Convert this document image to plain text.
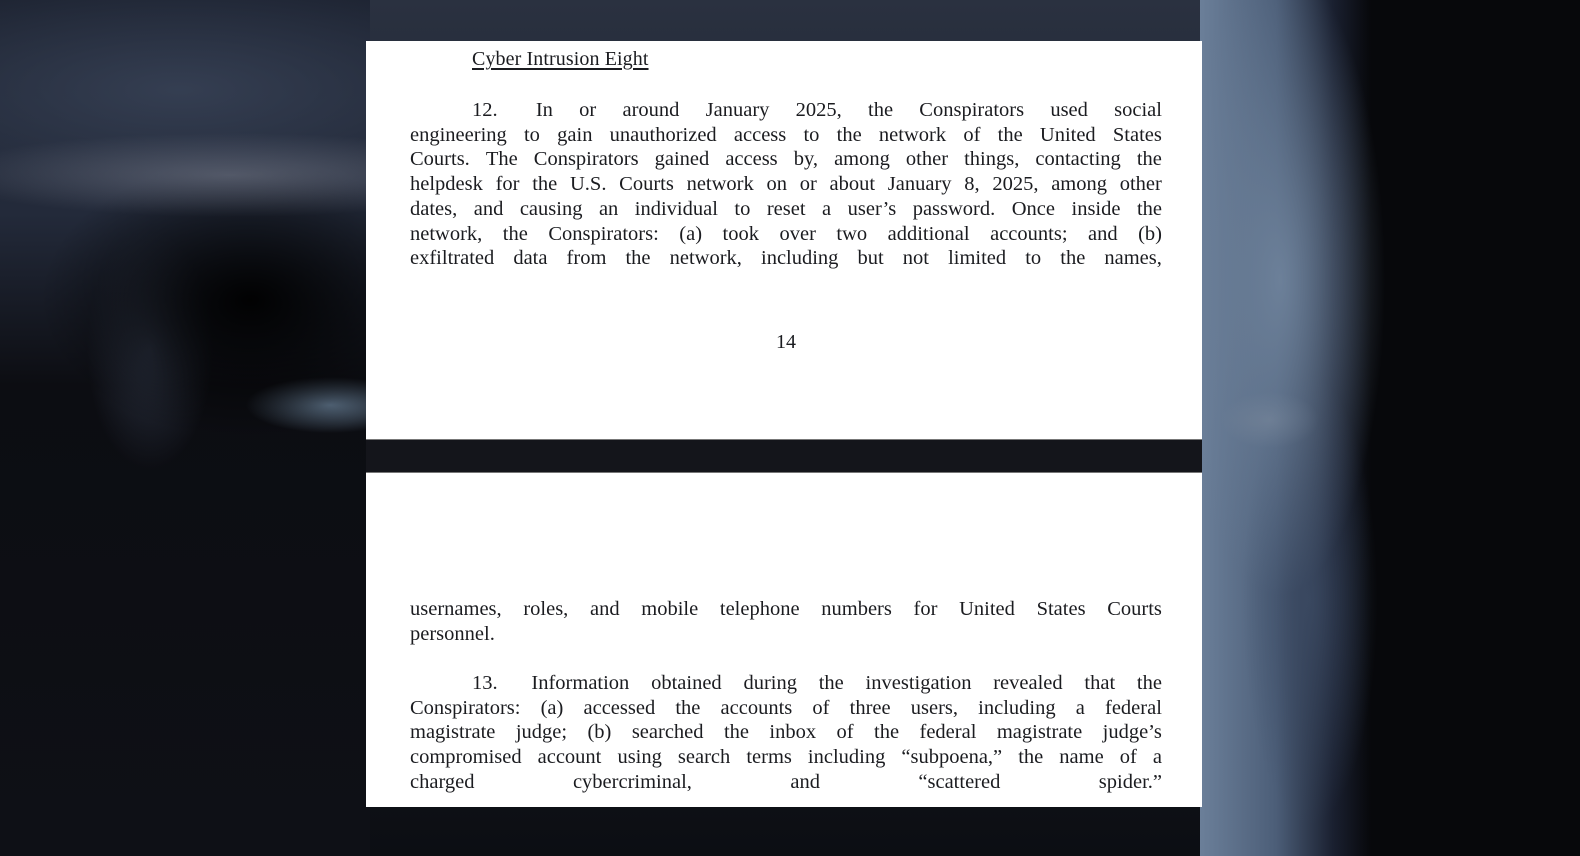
Cyber Intrusion Eight
12. In or around January 2025, the Conspirators used social
engineering to gain unauthorized access to the network of the United States
Courts. The Conspirators gained access by, among other things, contacting the
helpdesk for the U.S. Courts network on or about January 8, 2025, among other
dates, and causing an individual to reset a user’s password. Once inside the
network, the Conspirators: (a) took over two additional accounts; and (b)
exfiltrated data from the network, including but not limited to the names,
14
usernames, roles, and mobile telephone numbers for United States Courts
personnel.
13. Information obtained during the investigation revealed that the
Conspirators: (a) accessed the accounts of three users, including a federal
magistrate judge; (b) searched the inbox of the federal magistrate judge’s
compromised account using search terms including “subpoena,” the name of a
charged cybercriminal, and “scattered spider.”
